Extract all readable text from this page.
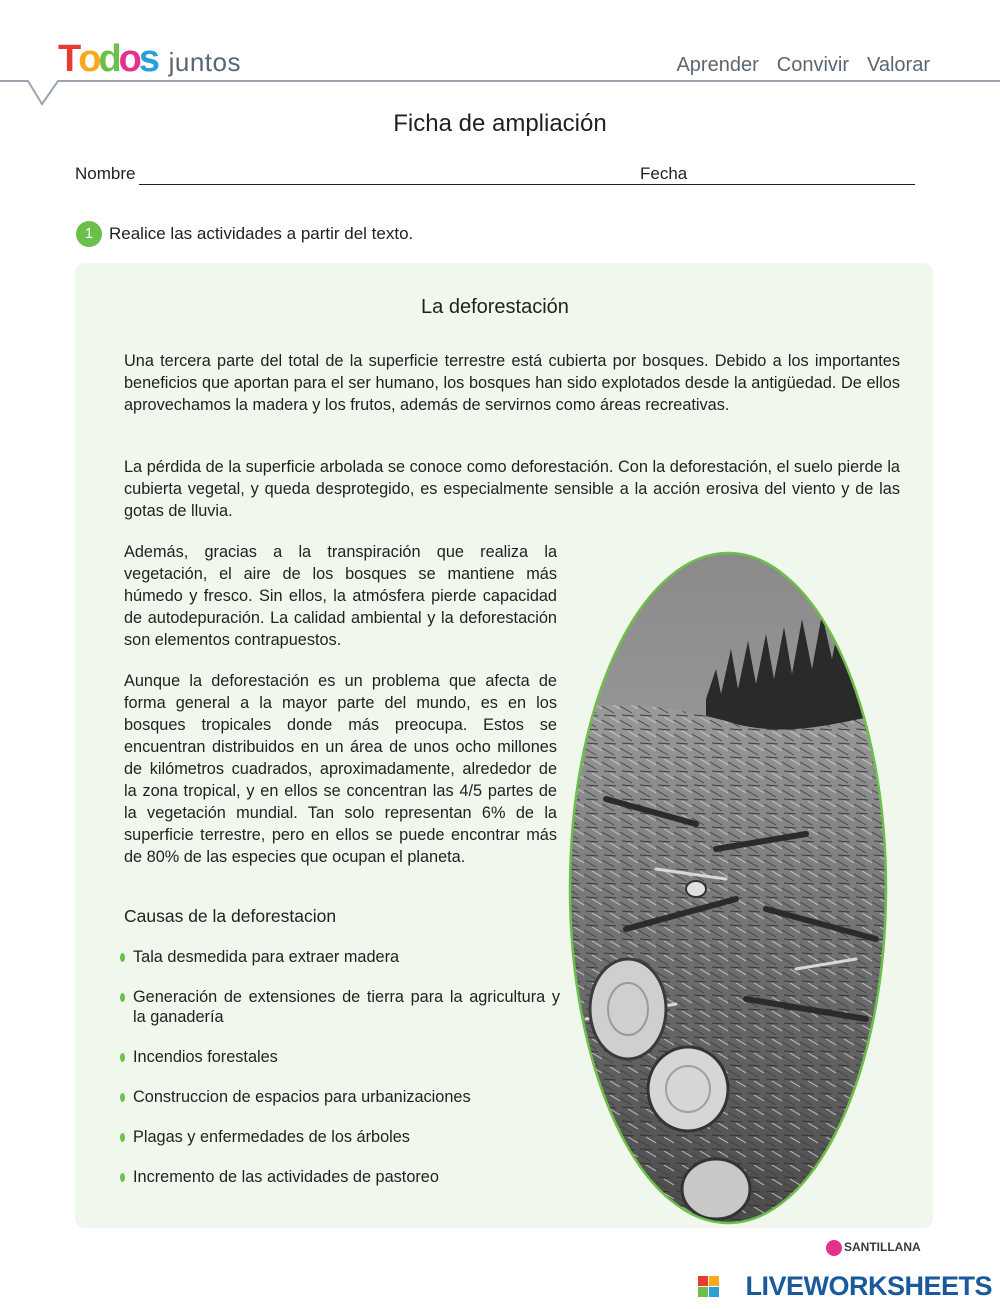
Todos juntos	Aprender Convivir Valorar
Ficha de ampliación
Nombre	Fecha
1 Realice las actividades a partir del texto.
La deforestación

Una tercera parte del total de la superficie terrestre está cubierta por bosques. Debido a los importantes beneficios que aportan para el ser humano, los bosques han sido explotados desde la antigüedad. De ellos aprovechamos la madera y los frutos, además de servirnos como áreas recreativas.

La pérdida de la superficie arbolada se conoce como deforestación. Con la deforestación, el suelo pierde la cubierta vegetal, y queda desprotegido, es especialmente sensible a la acción erosiva del viento y de las gotas de lluvia.

Además, gracias a la transpiración que realiza la vegetación, el aire de los bosques se mantiene más húmedo y fresco. Sin ellos, la atmósfera pierde capacidad de autodepuración. La calidad ambiental y la deforestación son elementos contrapuestos.

Aunque la deforestación es un problema que afecta de forma general a la mayor parte del mundo, es en los bosques tropicales donde más preocupa. Estos se encuentran distribuidos en un área de unos ocho millones de kilómetros cuadrados, aproximadamente, alrededor de la zona tropical, y en ellos se concentran las 4/5 partes de la vegetación mundial. Tan solo representan 6% de la superficie terrestre, pero en ellos se puede encontrar más de 80% de las especies que ocupan el planeta.

Causas de la deforestacion
Tala desmedida para extraer madera
Generación de extensiones de tierra para la agricultura y la ganadería
Incendios forestales
Construccion de espacios para urbanizaciones
Plagas y enfermedades de los árboles
Incremento de las actividades de pastoreo
SANTILLANA
LIVEWORKSHEETS
